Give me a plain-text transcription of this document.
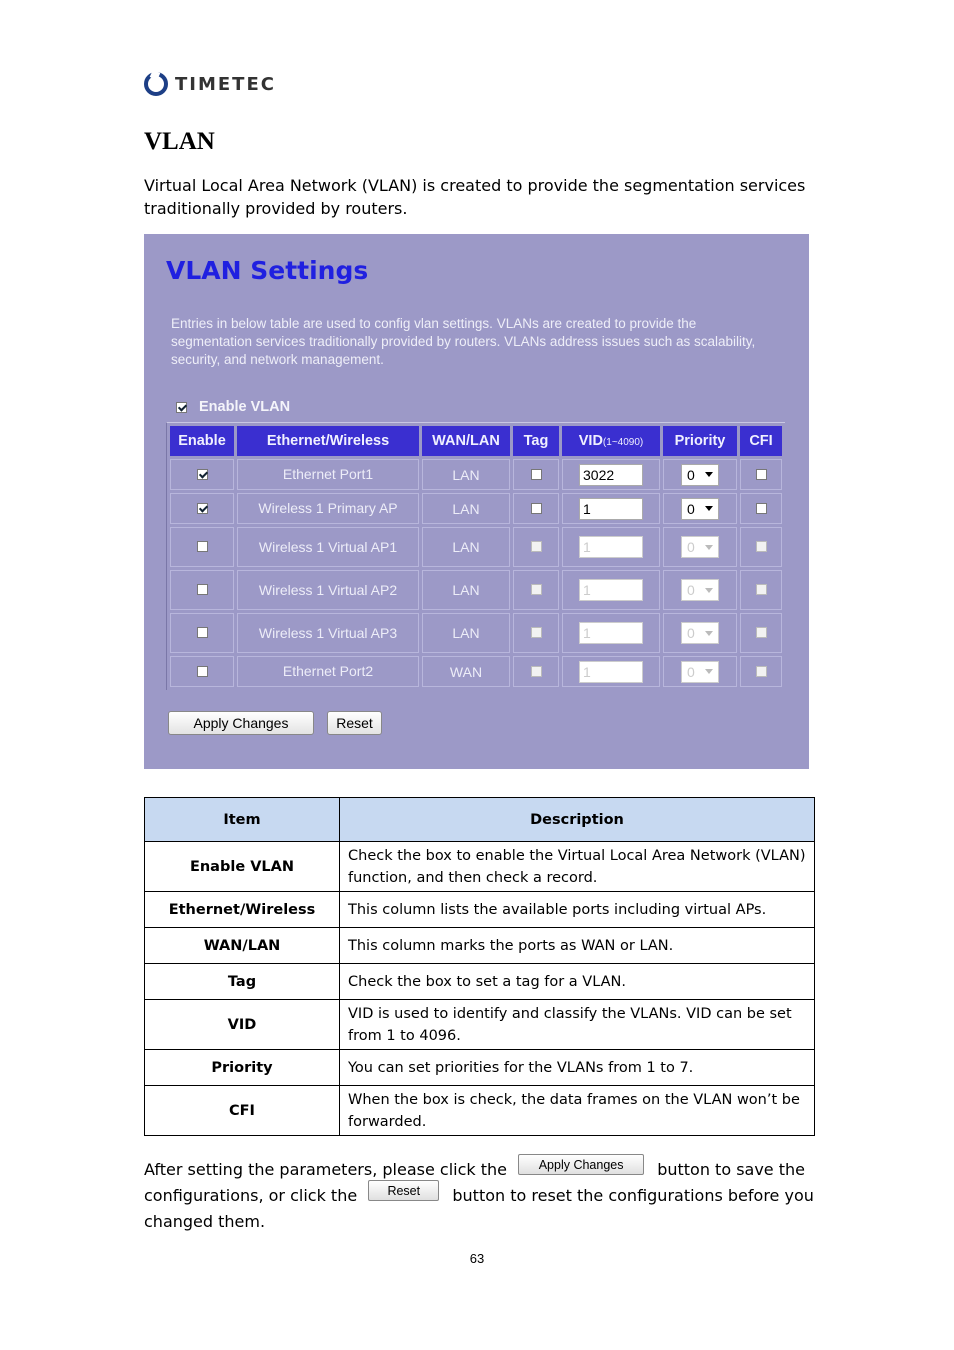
TIMETEC
VLAN
Virtual Local Area Network (VLAN) is created to provide the segmentation services traditionally provided by routers.
VLAN Settings
Entries in below table are used to config vlan settings. VLANs are created to provide the segmentation services traditionally provided by routers. VLANs address issues such as scalability, security, and network management.
Enable VLAN
Enable	Ethernet/Wireless	WAN/LAN	Tag	VID(1~4090)	Priority	CFI
	Ethernet Port1	LAN		3022	0	

	Wireless 1 Primary AP	LAN		1	0	

	Wireless 1 Virtual AP1	LAN		1	0	

	Wireless 1 Virtual AP2	LAN		1	0	

	Wireless 1 Virtual AP3	LAN		1	0	

	Ethernet Port2	WAN		1	0	

Apply Changes	Reset
Item	Description
Enable VLAN	Check the box to enable the Virtual Local Area Network (VLAN) function, and then check a record.
Ethernet/Wireless	This column lists the available ports including virtual APs.
WAN/LAN	This column marks the ports as WAN or LAN.
Tag	Check the box to set a tag for a VLAN.
VID	VID is used to identify and classify the VLANs. VID can be set from 1 to 4096.
Priority	You can set priorities for the VLANs from 1 to 7.
CFI	When the box is check, the data frames on the VLAN won’t be forwarded.
After setting the parameters, please click the	Apply Changes button to save the configurations, or click the Reset button to reset the configurations before you changed them.
63
